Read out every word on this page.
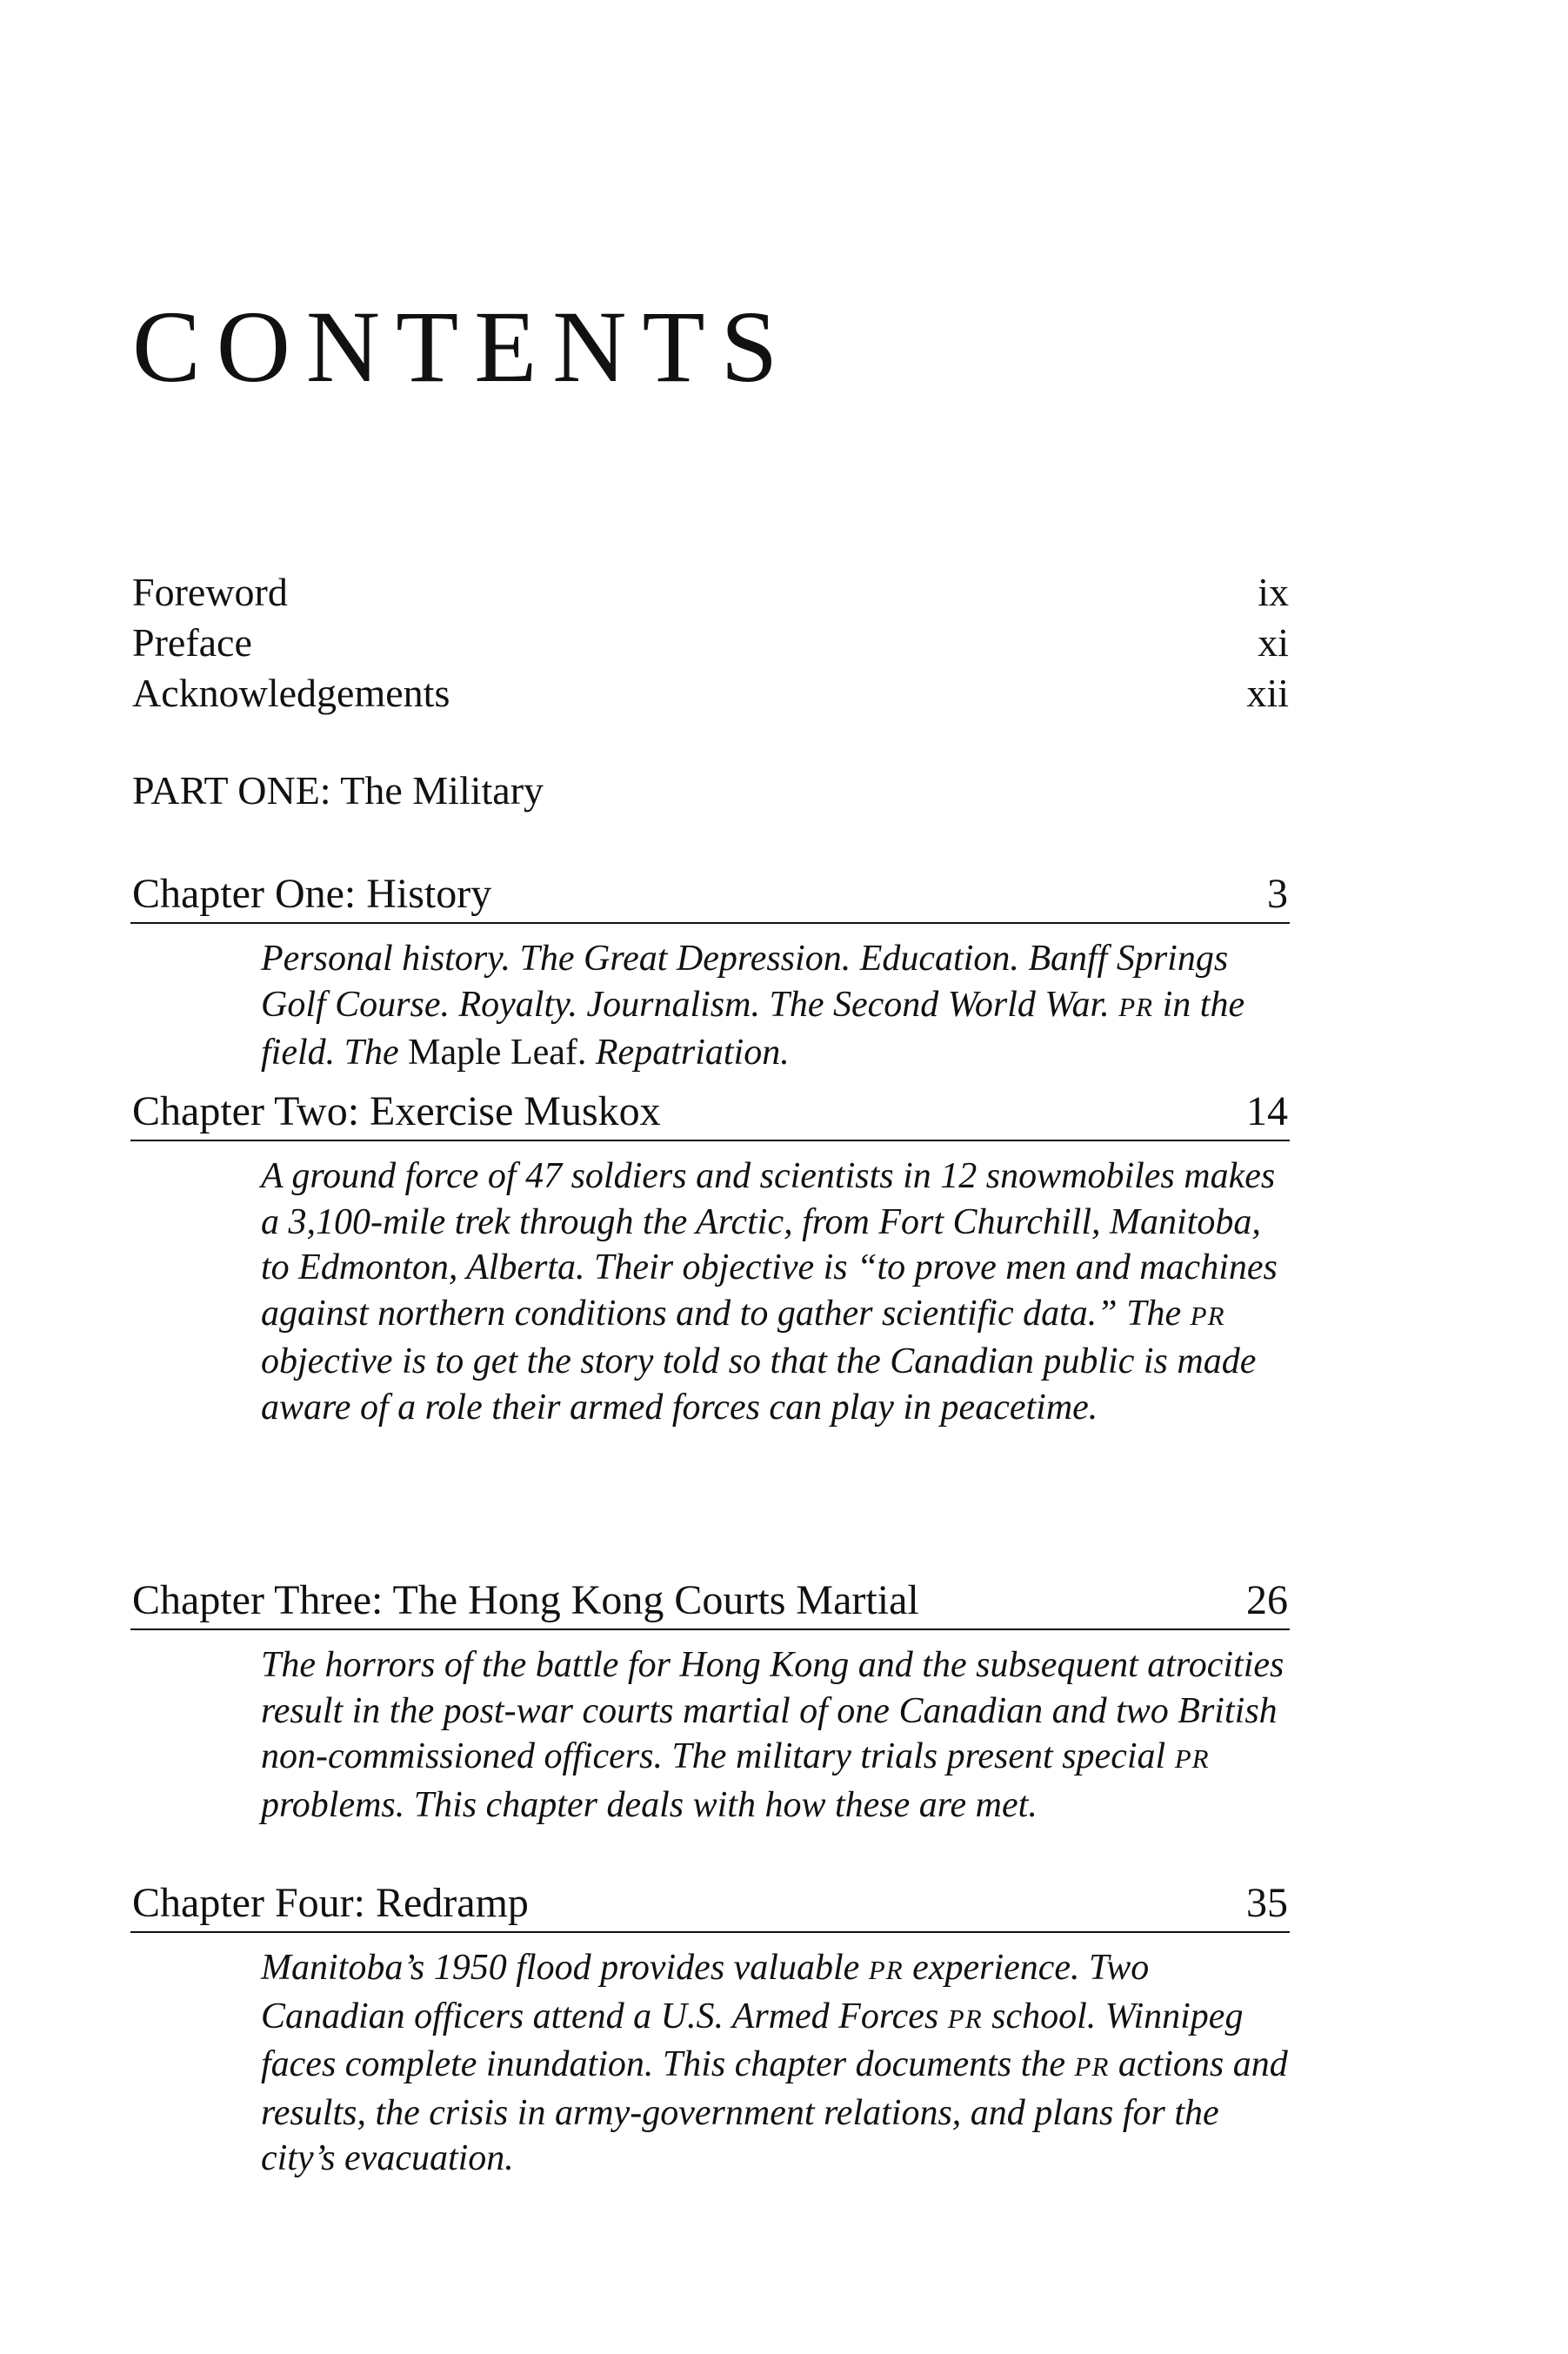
CONTENTS
Foreword	ix
Preface	xi
Acknowledgements	xii
PART ONE: The Military
Chapter One: History	3

Personal history. The Great Depression. Education. Banff Springs Golf Course. Royalty. Journalism. The Second World War. PR in the field. The Maple Leaf. Repatriation.

Chapter Two: Exercise Muskox	14

A ground force of 47 soldiers and scientists in 12 snowmobiles makes a 3,100-mile trek through the Arctic, from Fort Churchill, Manitoba, to Edmonton, Alberta. Their objective is “to prove men and machines against northern conditions and to gather scientific data.” The PR objective is to get the story told so that the Canadian public is made aware of a role their armed forces can play in peacetime.

Chapter Three: The Hong Kong Courts Martial	26

The horrors of the battle for Hong Kong and the subsequent atrocities result in the post-war courts martial of one Canadian and two British non-commissioned officers. The military trials present special PR problems. This chapter deals with how these are met.

Chapter Four: Redramp	35

Manitoba’s 1950 flood provides valuable PR experience. Two Canadian officers attend a U.S. Armed Forces PR school. Winnipeg faces complete inundation. This chapter documents the PR actions and results, the crisis in army-government relations, and plans for the city’s evacuation.
